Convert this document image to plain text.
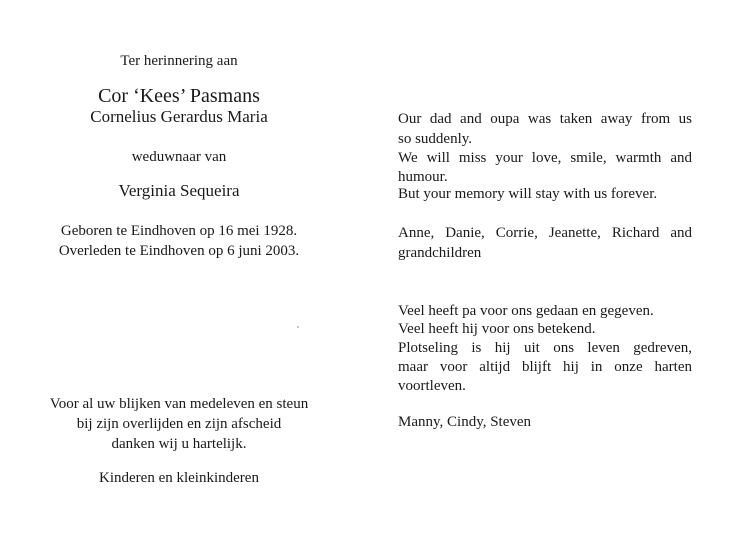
Ter herinnering aan
Cor ‘Kees’ Pasmans
Cornelius Gerardus Maria
weduwnaar van
Verginia Sequeira
Geboren te Eindhoven op 16 mei 1928.
Overleden te Eindhoven op 6 juni 2003.
Voor al uw blijken van medeleven en steun
bij zijn overlijden en zijn afscheid
danken wij u hartelijk.
Kinderen en kleinkinderen
Our dad and oupa was taken away from us
so suddenly.
We will miss your love, smile, warmth and
humour.
But your memory will stay with us forever.
Anne, Danie, Corrie, Jeanette, Richard and
grandchildren
Veel heeft pa voor ons gedaan en gegeven.
Veel heeft hij voor ons betekend.
Plotseling is hij uit ons leven gedreven,
maar voor altijd blijft hij in onze harten
voortleven.
Manny, Cindy, Steven
